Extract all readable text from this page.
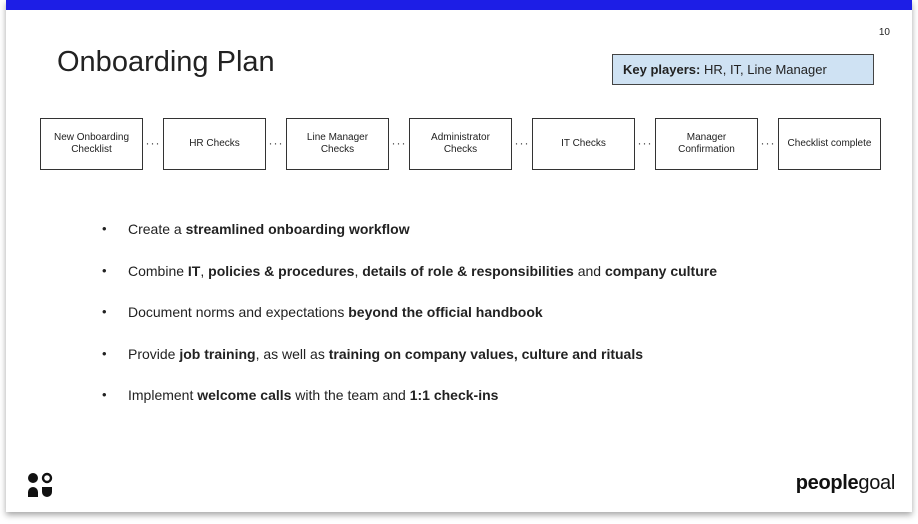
10
Onboarding Plan	Key players: HR, IT, Line Manager
New Onboarding Checklist	···	HR Checks	···	Line Manager Checks	···	Administrator Checks	···	IT Checks	···	Manager Confirmation	···	Checklist complete
• Create a streamlined onboarding workflow
• Combine IT, policies & procedures, details of role & responsibilities and company culture
• Document norms and expectations beyond the official handbook
• Provide job training, as well as training on company values, culture and rituals
• Implement welcome calls with the team and 1:1 check-ins
peoplegoal
